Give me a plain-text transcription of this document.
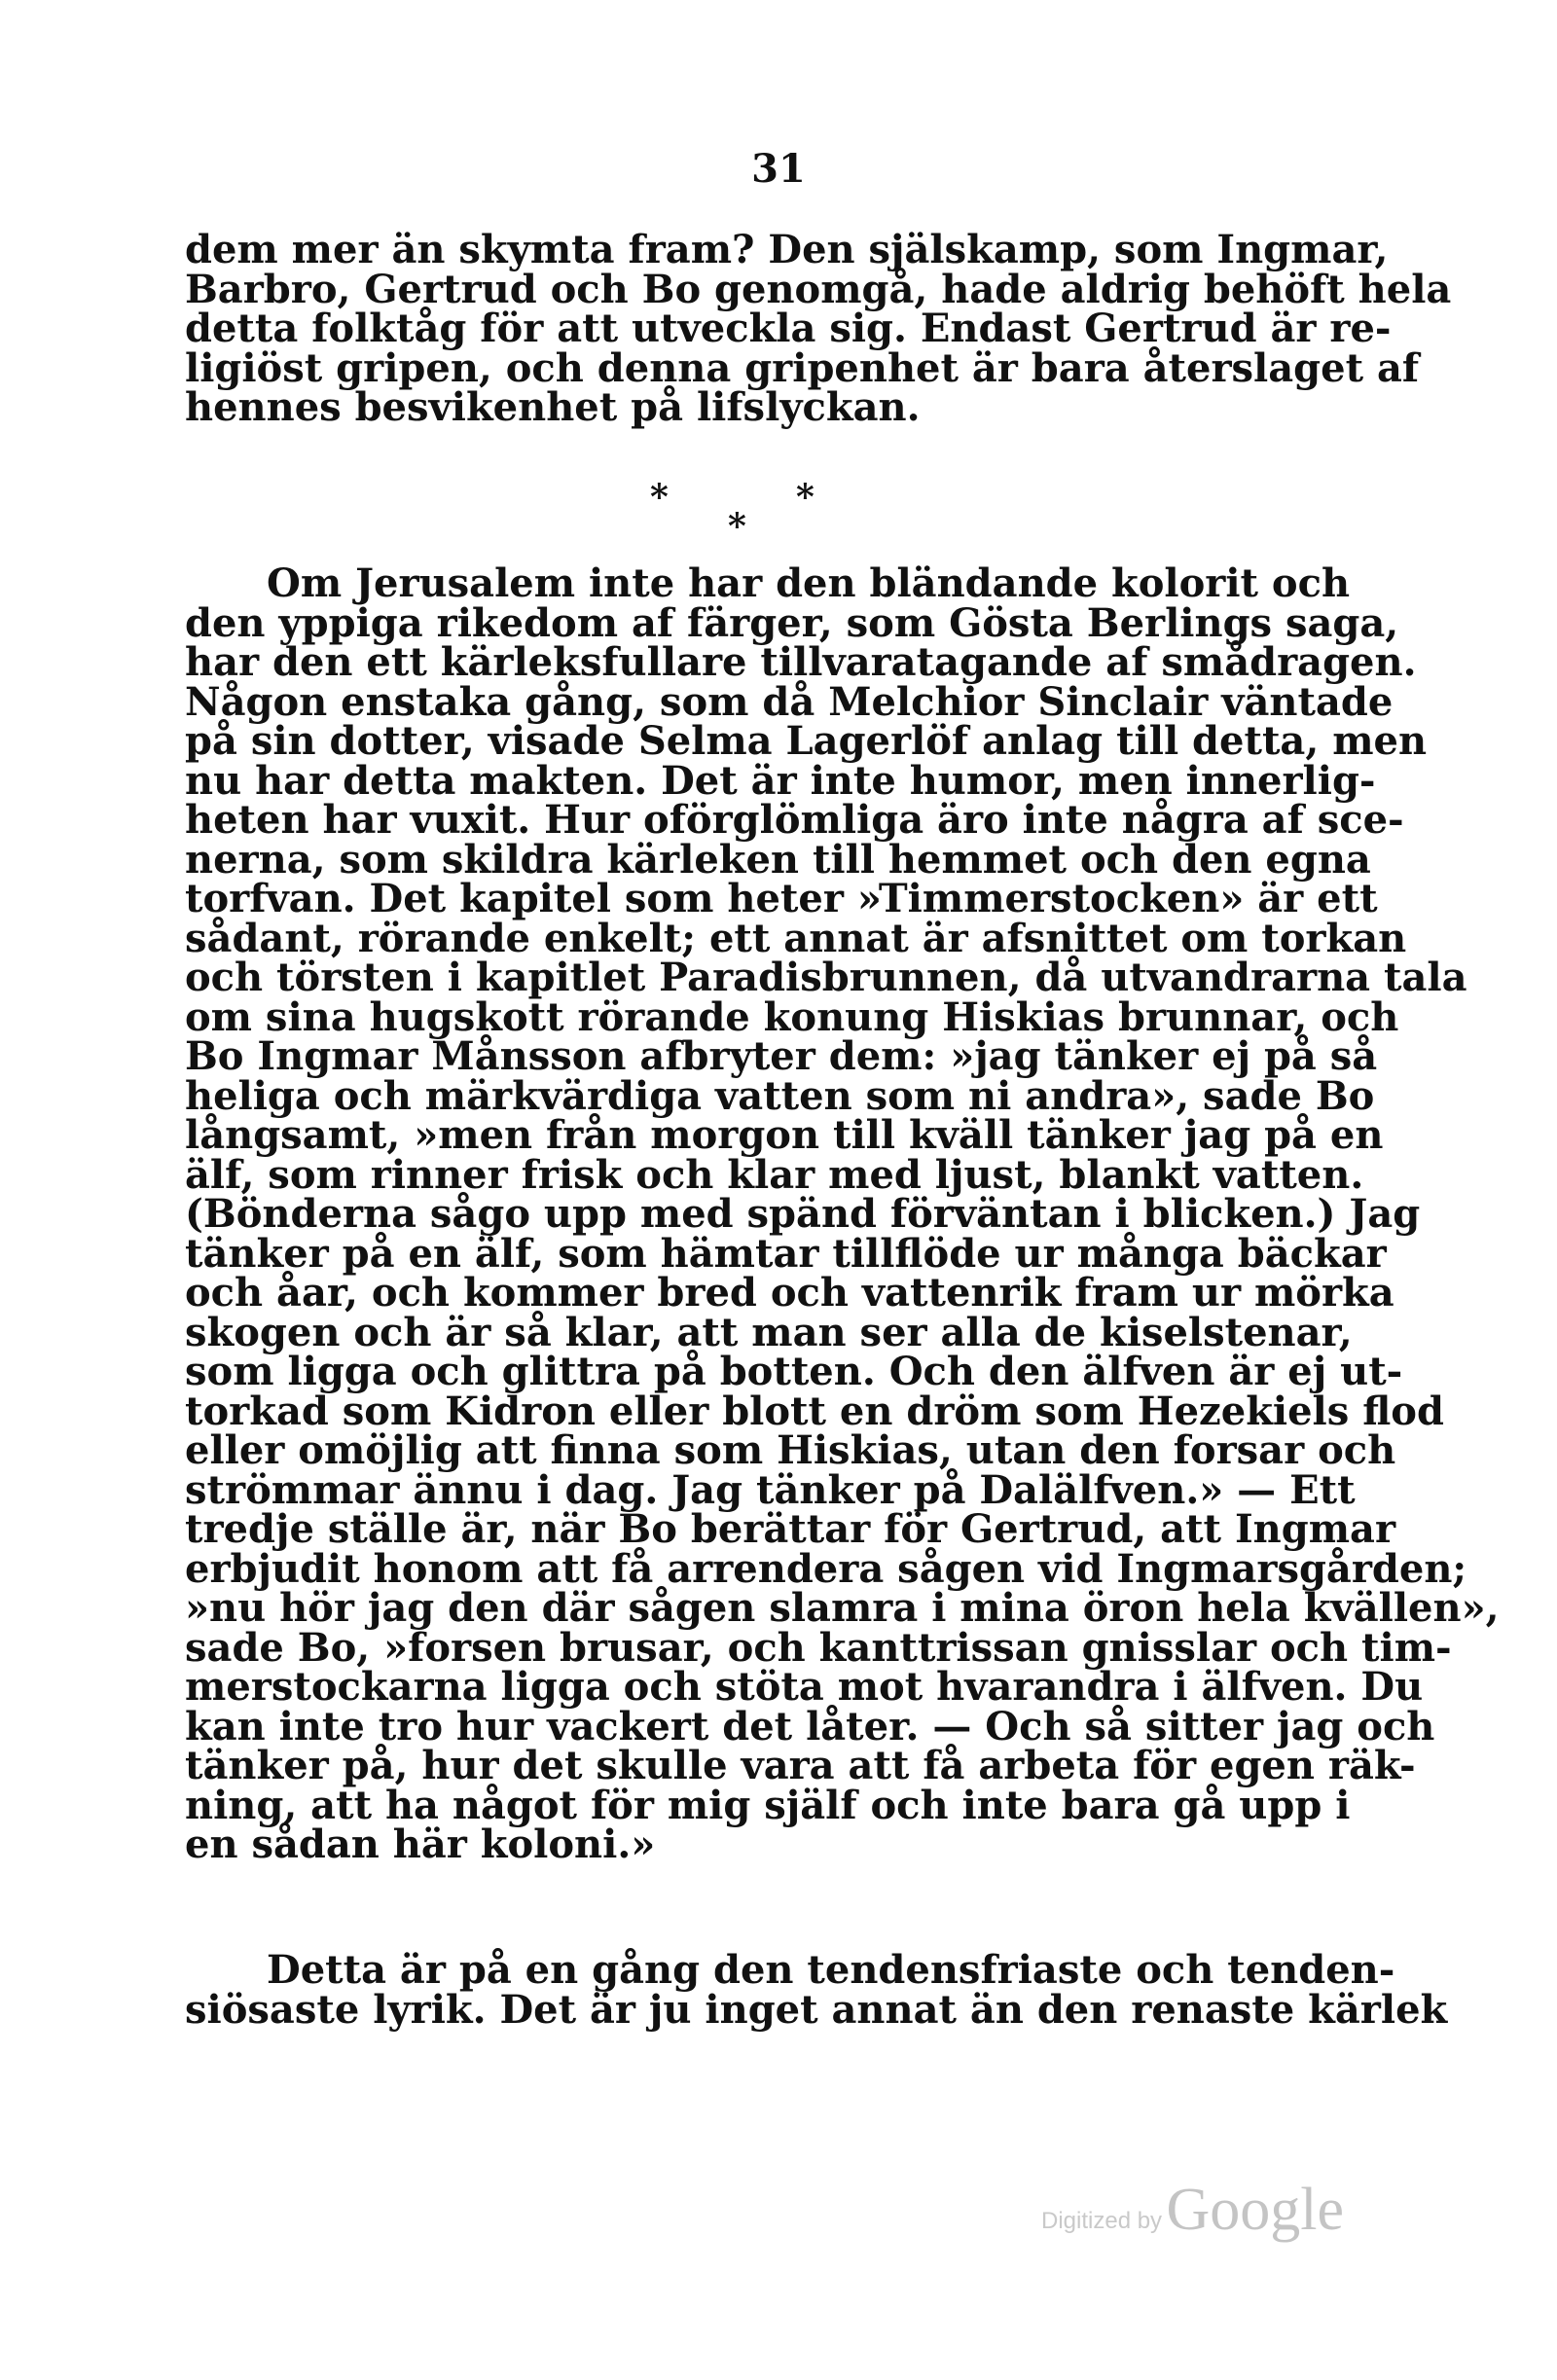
31
dem mer än skymta fram? Den själskamp, som Ingmar,
Barbro, Gertrud och Bo genomgå, hade aldrig behöft hela
detta folktåg för att utveckla sig. Endast Gertrud är re-
ligiöst gripen, och denna gripenhet är bara återslaget af
hennes besvikenhet på lifslyckan.
*	*
*
Om Jerusalem inte har den bländande kolorit och
den yppiga rikedom af färger, som Gösta Berlings saga,
har den ett kärleksfullare tillvaratagande af smådragen.
Någon enstaka gång, som då Melchior Sinclair väntade
på sin dotter, visade Selma Lagerlöf anlag till detta, men
nu har detta makten. Det är inte humor, men innerlig-
heten har vuxit. Hur oförglömliga äro inte några af sce-
nerna, som skildra kärleken till hemmet och den egna
torfvan. Det kapitel som heter »Timmerstocken» är ett
sådant, rörande enkelt; ett annat är afsnittet om torkan
och törsten i kapitlet Paradisbrunnen, då utvandrarna tala
om sina hugskott rörande konung Hiskias brunnar, och
Bo Ingmar Månsson afbryter dem: »jag tänker ej på så
heliga och märkvärdiga vatten som ni andra», sade Bo
långsamt, »men från morgon till kväll tänker jag på en
älf, som rinner frisk och klar med ljust, blankt vatten.
(Bönderna sågo upp med spänd förväntan i blicken.) Jag
tänker på en älf, som hämtar tillflöde ur många bäckar
och åar, och kommer bred och vattenrik fram ur mörka
skogen och är så klar, att man ser alla de kiselstenar,
som ligga och glittra på botten. Och den älfven är ej ut-
torkad som Kidron eller blott en dröm som Hezekiels flod
eller omöjlig att finna som Hiskias, utan den forsar och
strömmar ännu i dag. Jag tänker på Dalälfven.» — Ett
tredje ställe är, när Bo berättar för Gertrud, att Ingmar
erbjudit honom att få arrendera sågen vid Ingmarsgården;
»nu hör jag den där sågen slamra i mina öron hela kvällen»,
sade Bo, »forsen brusar, och kanttrissan gnisslar och tim-
merstockarna ligga och stöta mot hvarandra i älfven. Du
kan inte tro hur vackert det låter. — Och så sitter jag och
tänker på, hur det skulle vara att få arbeta för egen räk-
ning, att ha något för mig själf och inte bara gå upp i
en sådan här koloni.»
Detta är på en gång den tendensfriaste och tenden-
siösaste lyrik. Det är ju inget annat än den renaste kärlek
Digitized by Google
